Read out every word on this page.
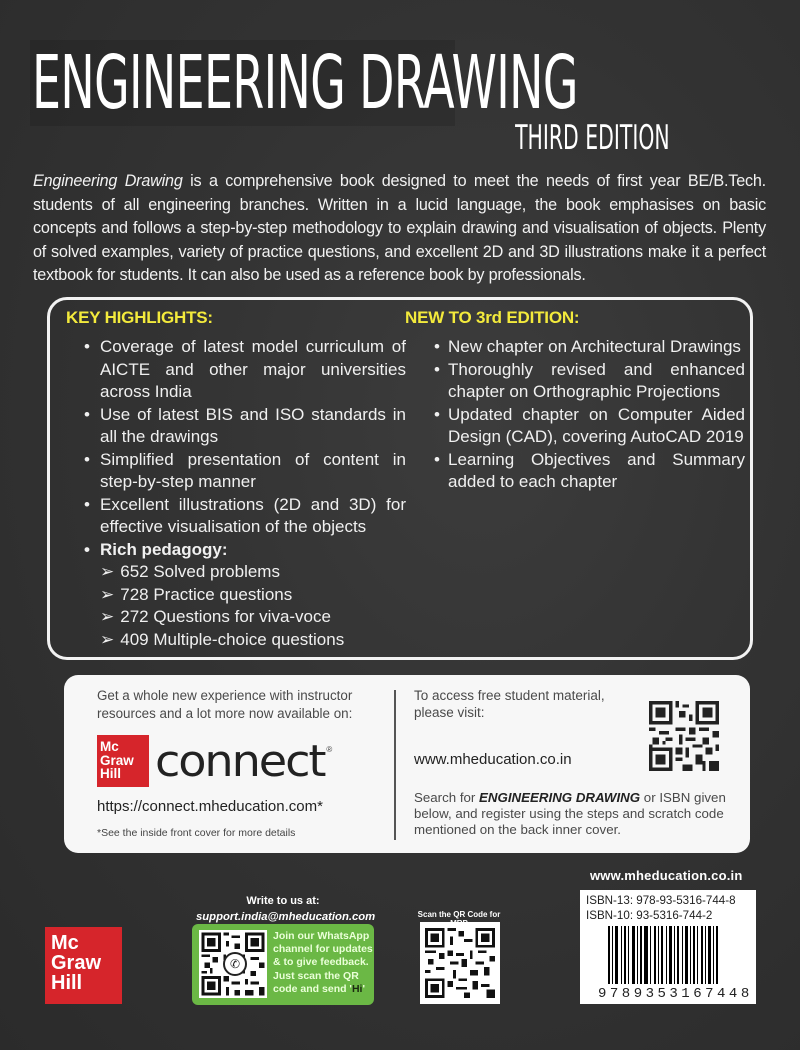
ENGINEERING DRAWING
THIRD EDITION
Engineering Drawing is a comprehensive book designed to meet the needs of first year BE/B.Tech. students of all engineering branches. Written in a lucid language, the book emphasises on basic concepts and follows a step-by-step methodology to explain drawing and visualisation of objects. Plenty of solved examples, variety of practice questions, and excellent 2D and 3D illustrations make it a perfect textbook for students. It can also be used as a reference book by professionals.
KEY HIGHLIGHTS:
• Coverage of latest model curriculum of AICTE and other major universities across India
• Use of latest BIS and ISO standards in all the drawings
• Simplified presentation of content in step-by-step manner
• Excellent illustrations (2D and 3D) for effective visualisation of the objects
• Rich pedagogy:
➢ 652 Solved problems
➢ 728 Practice questions
➢ 272 Questions for viva-voce
➢ 409 Multiple-choice questions
NEW TO 3rd EDITION:
• New chapter on Architectural Drawings
• Thoroughly revised and enhanced chapter on Orthographic Projections
• Updated chapter on Computer Aided Design (CAD), covering AutoCAD 2019
• Learning Objectives and Summary added to each chapter

Get a whole new experience with instructor resources and a lot more now available on:

Mc
Graw
Hill connect ®
https://connect.mheducation.com*
*See the inside front cover for more details
To access free student material, please visit:
www.mheducation.co.in
Search for ENGINEERING DRAWING or ISBN given below, and register using the steps and scratch code mentioned on the back inner cover.
Mc
Graw
Hill
Write to us at:
support.india@mheducation.com
✆
Join our WhatsApp
channel for updates
& to give feedback.
Just scan the QR
code and send 'Hi'
Scan the QR Code for
www.mheducation.co.in
ISBN-13: 978-93-5316-744-8
ISBN-10: 93-5316-744-2
9789353167448
